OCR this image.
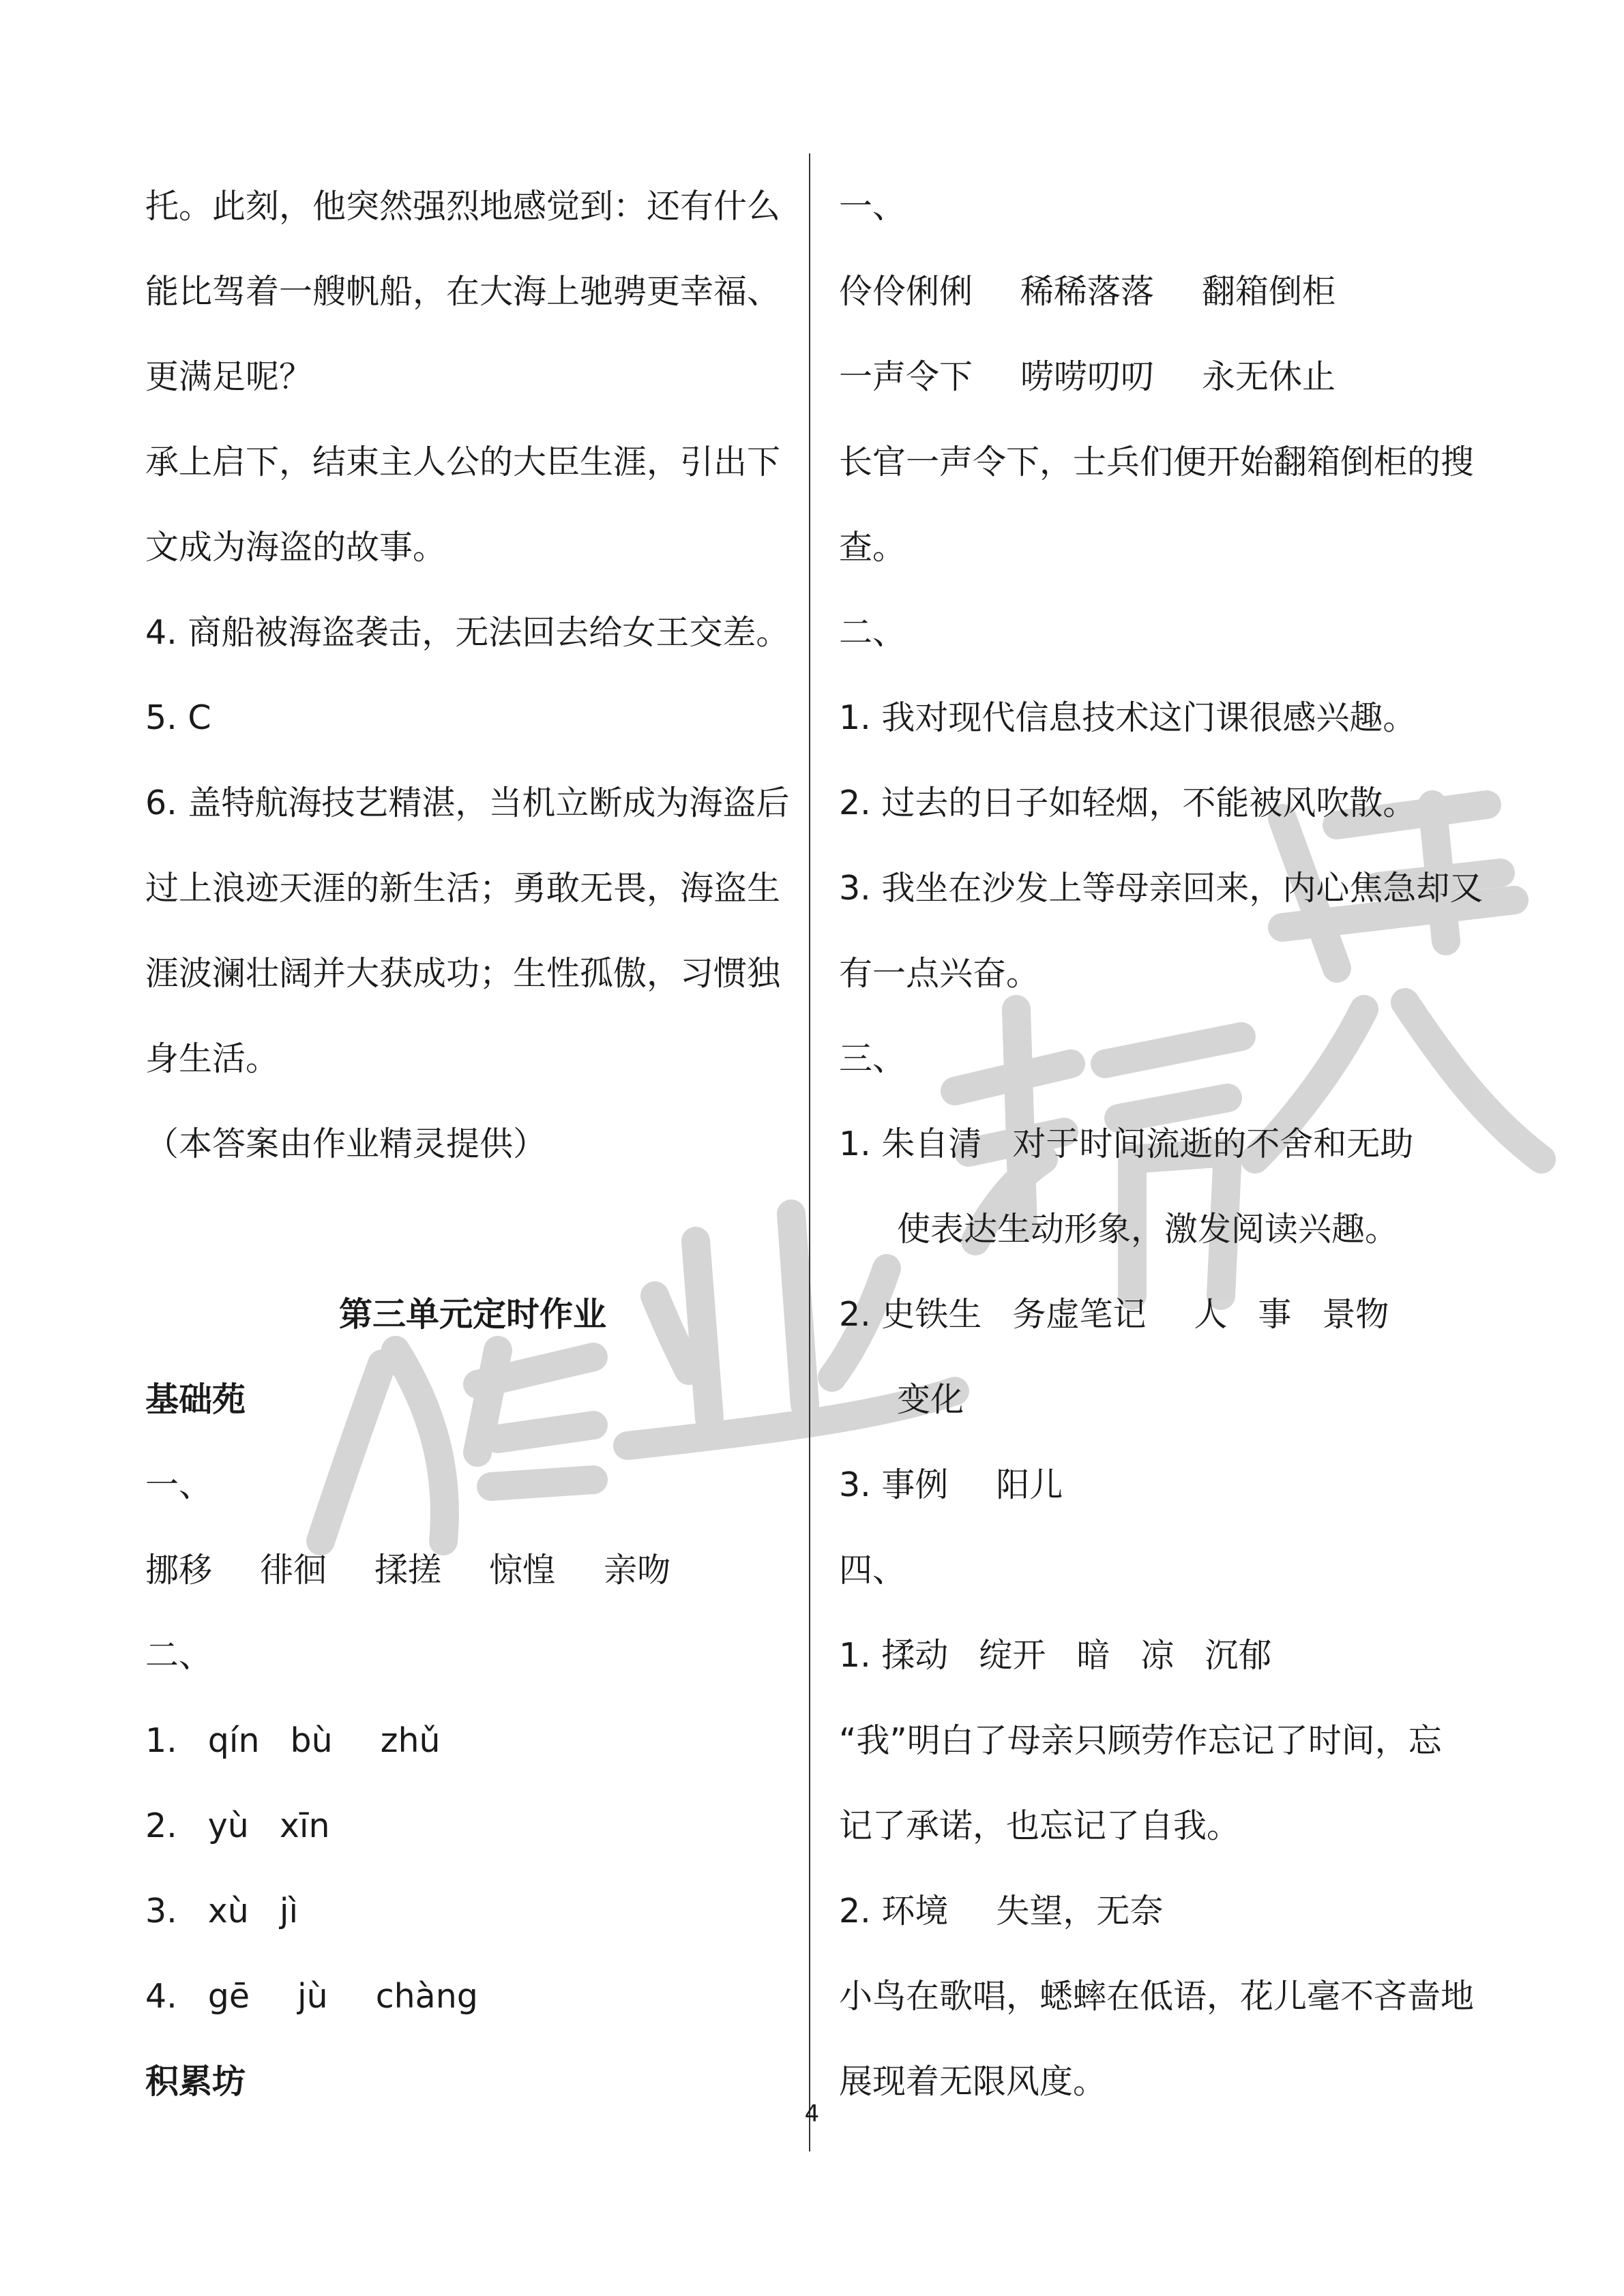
托。此刻，他突然强烈地感觉到：还有什么
能比驾着一艘帆船，在大海上驰骋更幸福、
更满足呢？
承上启下，结束主人公的大臣生涯，引出下
文成为海盗的故事。
4. 商船被海盗袭击，无法回去给女王交差。
5. C
6. 盖特航海技艺精湛，当机立断成为海盗后
过上浪迹天涯的新生活；勇敢无畏，海盗生
涯波澜壮阔并大获成功；生性孤傲，习惯独
身生活。
（本答案由作业精灵提供）
第三单元定时作业
基础苑
一、
挪移 徘徊 揉搓 惊惶 亲吻
二、
1. qín bù zhǔ
2. yù xīn
3. xù jì
4. gē jù chàng
积累坊
一、
伶伶俐俐 稀稀落落 翻箱倒柜
一声令下 唠唠叨叨 永无休止
长官一声令下，士兵们便开始翻箱倒柜的搜
查。
二、
1. 我对现代信息技术这门课很感兴趣。
2. 过去的日子如轻烟，不能被风吹散。
3. 我坐在沙发上等母亲回来，内心焦急却又
有一点兴奋。
三、
1. 朱自清 对于时间流逝的不舍和无助
使表达生动形象，激发阅读兴趣。
2. 史铁生 务虚笔记 人 事 景物
变化
3. 事例 阳儿
四、
1. 揉动 绽开 暗 凉 沉郁
“我”明白了母亲只顾劳作忘记了时间，忘
记了承诺，也忘记了自我。
2. 环境 失望，无奈
小鸟在歌唱，蟋蟀在低语，花儿毫不吝啬地
展现着无限风度。
4
